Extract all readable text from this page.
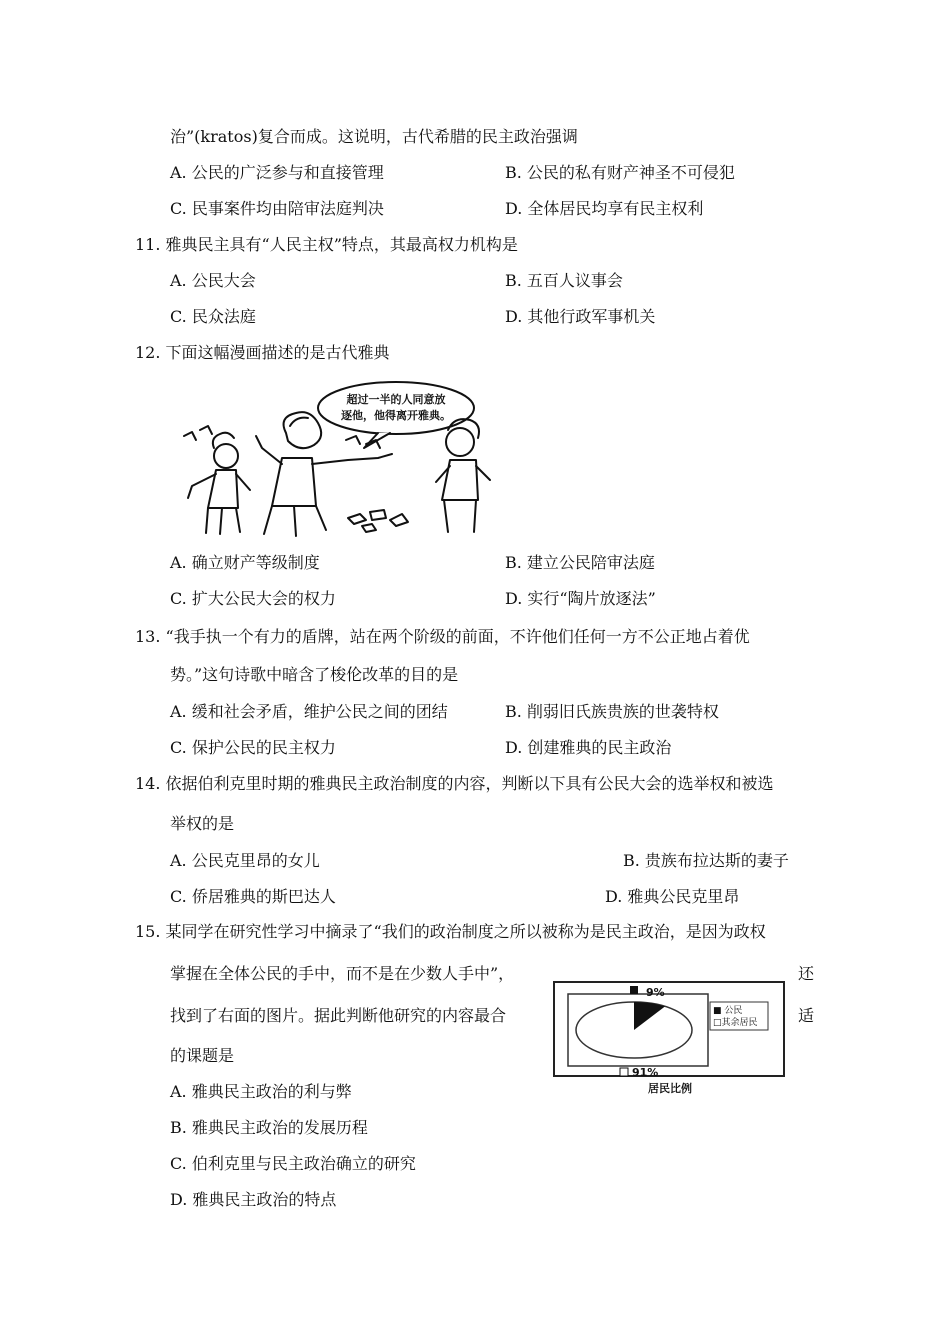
治”(kratos)复合而成。这说明，古代希腊的民主政治强调
A. 公民的广泛参与和直接管理	B. 公民的私有财产神圣不可侵犯
C. 民事案件均由陪审法庭判决	D. 全体居民均享有民主权利
11. 雅典民主具有“人民主权”特点，其最高权力机构是
A. 公民大会	B. 五百人议事会
C. 民众法庭	D. 其他行政军事机关
12. 下面这幅漫画描述的是古代雅典
超过一半的人同意放
逐他，他得离开雅典。
A. 确立财产等级制度	B. 建立公民陪审法庭
C. 扩大公民大会的权力	D. 实行“陶片放逐法”
13. “我手执一个有力的盾牌，站在两个阶级的前面，不许他们任何一方不公正地占着优
势。”这句诗歌中暗含了梭伦改革的目的是
A. 缓和社会矛盾，维护公民之间的团结	B. 削弱旧氏族贵族的世袭特权
C. 保护公民的民主权力	D. 创建雅典的民主政治
14. 依据伯利克里时期的雅典民主政治制度的内容，判断以下具有公民大会的选举权和被选
举权的是
A. 公民克里昂的女儿	B. 贵族布拉达斯的妻子
C. 侨居雅典的斯巴达人	D. 雅典公民克里昂
15. 某同学在研究性学习中摘录了“我们的政治制度之所以被称为是民主政治，是因为政权
掌握在全体公民的手中，而不是在少数人手中”，	还
找到了右面的图片。据此判断他研究的内容最合	适
的课题是
9%
■ 公民
□其余居民
91%
居民比例
A. 雅典民主政治的利与弊
B. 雅典民主政治的发展历程
C. 伯利克里与民主政治确立的研究
D. 雅典民主政治的特点
